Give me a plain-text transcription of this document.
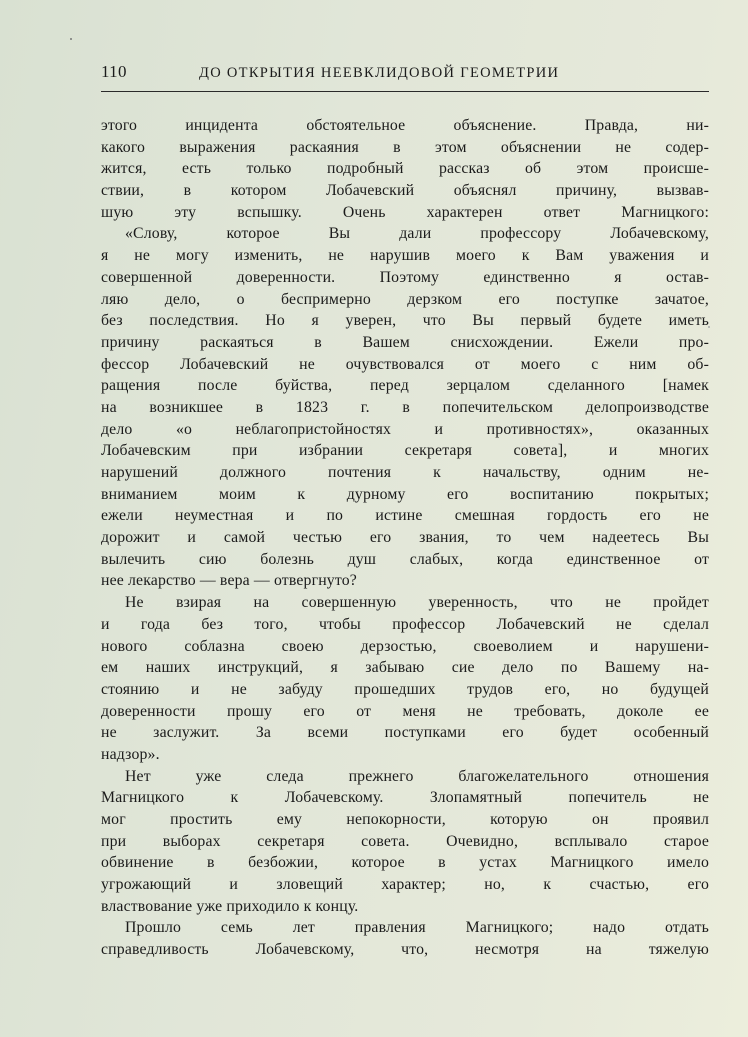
110	ДО ОТКРЫТИЯ НЕЕВКЛИДОВОЙ ГЕОМЕТРИИ
этого инцидента обстоятельное объяснение. Правда, ни-
какого выражения раскаяния в этом объяснении не содер-
жится, есть только подробный рассказ об этом происше-
ствии, в котором Лобачевский объяснял причину, вызвав-
шую эту вспышку. Очень характерен ответ Магницкого:
«Слову, которое Вы дали профессору Лобачевскому,
я не могу изменить, не нарушив моего к Вам уважения и
совершенной доверенности. Поэтому единственно я остав-
ляю дело, о беспримерно дерзком его поступке зачатое,
без последствия. Но я уверен, что Вы первый будете иметь
причину раскаяться в Вашем снисхождении. Ежели про-
фессор Лобачевский не очувствовался от моего с ним об-
ращения после буйства, перед зерцалом сделанного [намек
на возникшее в 1823 г. в попечительском делопроизводстве
дело «о неблагопристойностях и противностях», оказанных
Лобачевским при избрании секретаря совета], и многих
нарушений должного почтения к начальству, одним не-
вниманием моим к дурному его воспитанию покрытых;
ежели неуместная и по истине смешная гордость его не
дорожит и самой честью его звания, то чем надеетесь Вы
вылечить сию болезнь душ слабых, когда единственное от
нее лекарство — вера — отвергнуто?
Не взирая на совершенную уверенность, что не пройдет
и года без того, чтобы профессор Лобачевский не сделал
нового соблазна своею дерзостью, своеволием и нарушени-
ем наших инструкций, я забываю сие дело по Вашему на-
стоянию и не забуду прошедших трудов его, но будущей
доверенности прошу его от меня не требовать, доколе ее
не заслужит. За всеми поступками его будет особенный
надзор».
Нет уже следа прежнего благожелательного отношения
Магницкого к Лобачевскому. Злопамятный попечитель не
мог простить ему непокорности, которую он проявил
при выборах секретаря совета. Очевидно, всплывало старое
обвинение в безбожии, которое в устах Магницкого имело
угрожающий и зловещий характер; но, к счастью, его
властвование уже приходило к концу.
Прошло семь лет правления Магницкого; надо отдать
справедливость Лобачевскому, что, несмотря на тяжелую
